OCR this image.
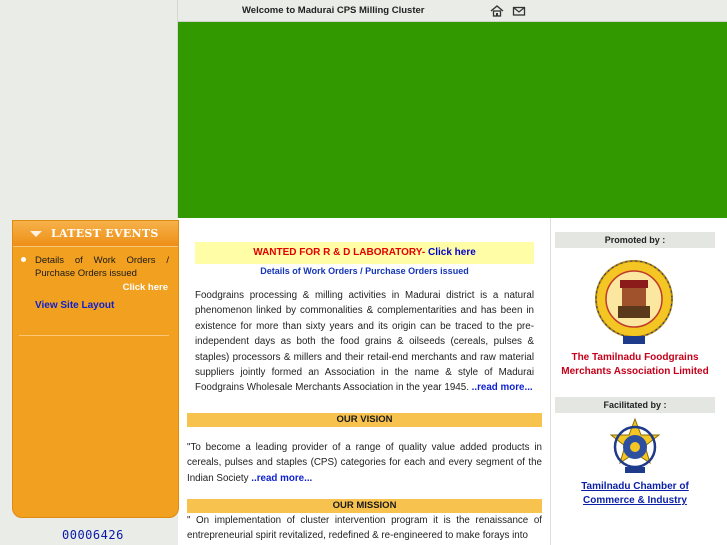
Welcome to Madurai CPS Milling Cluster
LATEST EVENTS
Details of Work Orders / Purchase Orders issued
Click here
View Site Layout
00006426
WANTED FOR R & D LABORATORY- Click here
Details of Work Orders / Purchase Orders issued
Foodgrains processing & milling activities in Madurai district is a natural phenomenon linked by commonalities & complementarities and has been in existence for more than sixty years and its origin can be traced to the pre-independent days as both the food grains & oilseeds (cereals, pulses & staples) processors & millers and their retail-end merchants and raw material suppliers jointly formed an Association in the name & style of Madurai Foodgrains Wholesale Merchants Association in the year 1945. ..read more...
OUR VISION
"To become a leading provider of a range of quality value added products in cereals, pulses and staples (CPS) categories for each and every segment of the Indian Society ..read more...
OUR MISSION
" On implementation of cluster intervention program it is the renaissance of entrepreneurial spirit revitalized, redefined & re-engineered to make forays into
Promoted by :
The Tamilnadu Foodgrains Merchants Association Limited
Facilitated by :
Tamilnadu Chamber of Commerce & Industry
